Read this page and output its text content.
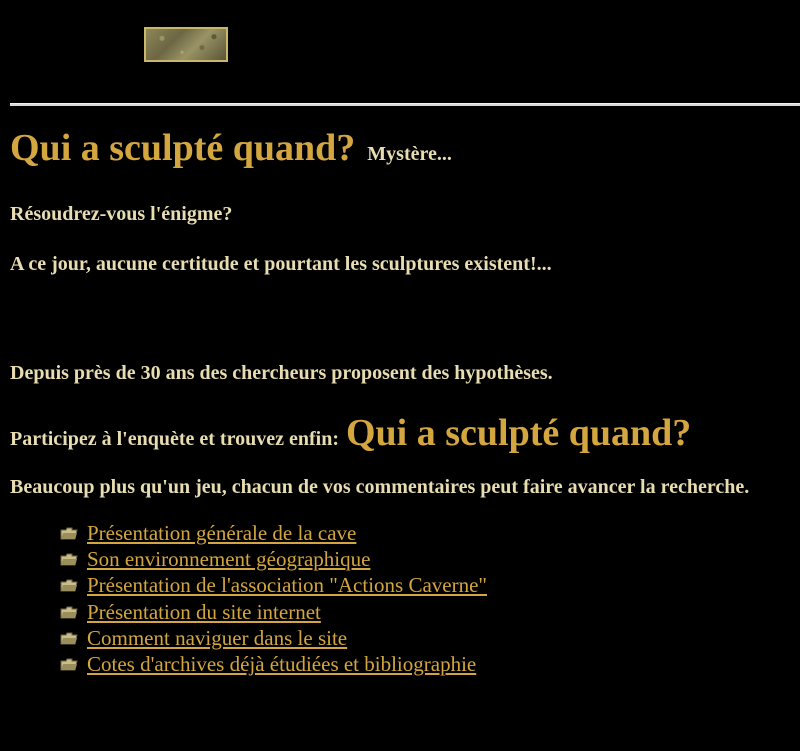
Qui a sculpté quand? Mystère...

Résoudrez-vous l'énigme?

A ce jour, aucune certitude et pourtant les sculptures existent!...

Depuis près de 30 ans des chercheurs proposent des hypothèses.

Participez à l'enquète et trouvez enfin: Qui a sculpté quand?

Beaucoup plus qu'un jeu, chacun de vos commentaires peut faire avancer la recherche.

Présentation générale de la cave
Son environnement géographique
Présentation de l'association "Actions Caverne"
Présentation du site internet
Comment naviguer dans le site
Cotes d'archives déjà étudiées et bibliographie
